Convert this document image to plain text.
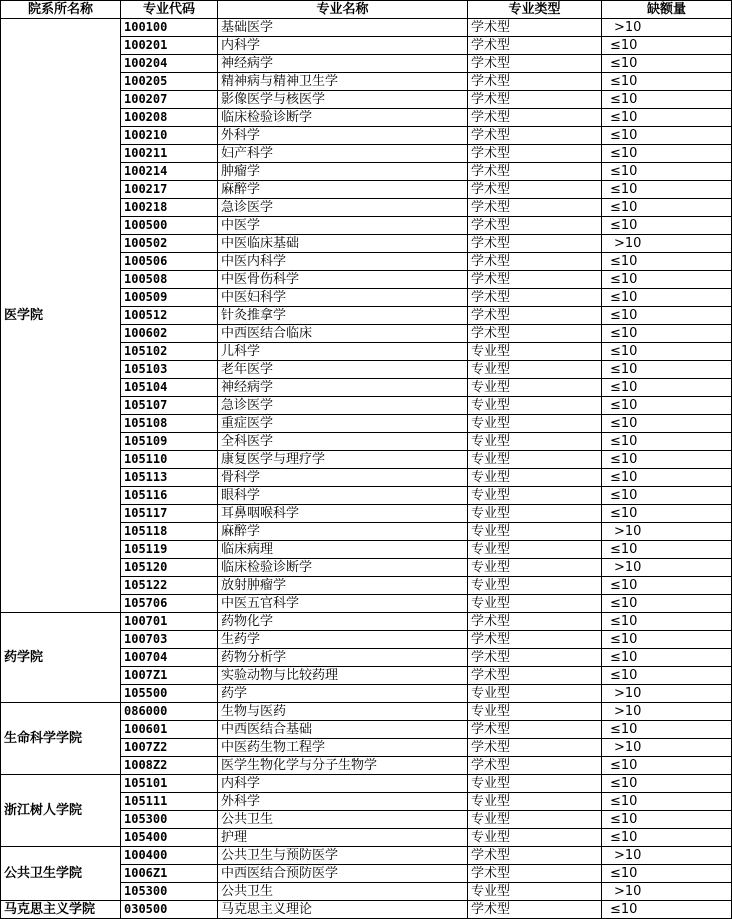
院系所名称	专业代码	专业名称	专业类型	缺额量
医学院	100100	基础医学	学术型	>10
	100201	内科学	学术型	≤10
	100204	神经病学	学术型	≤10
	100205	精神病与精神卫生学	学术型	≤10
	100207	影像医学与核医学	学术型	≤10
	100208	临床检验诊断学	学术型	≤10
	100210	外科学	学术型	≤10
	100211	妇产科学	学术型	≤10
	100214	肿瘤学	学术型	≤10
	100217	麻醉学	学术型	≤10
	100218	急诊医学	学术型	≤10
	100500	中医学	学术型	≤10
	100502	中医临床基础	学术型	>10
	100506	中医内科学	学术型	≤10
	100508	中医骨伤科学	学术型	≤10
	100509	中医妇科学	学术型	≤10
	100512	针灸推拿学	学术型	≤10
	100602	中西医结合临床	学术型	≤10
	105102	儿科学	专业型	≤10
	105103	老年医学	专业型	≤10
	105104	神经病学	专业型	≤10
	105107	急诊医学	专业型	≤10
	105108	重症医学	专业型	≤10
	105109	全科医学	专业型	≤10
	105110	康复医学与理疗学	专业型	≤10
	105113	骨科学	专业型	≤10
	105116	眼科学	专业型	≤10
	105117	耳鼻咽喉科学	专业型	≤10
	105118	麻醉学	专业型	>10
	105119	临床病理	专业型	≤10
	105120	临床检验诊断学	专业型	>10
	105122	放射肿瘤学	专业型	≤10
	105706	中医五官科学	专业型	≤10
药学院	100701	药物化学	学术型	≤10
	100703	生药学	学术型	≤10
	100704	药物分析学	学术型	≤10
	1007Z1	实验动物与比较药理	学术型	≤10
	105500	药学	专业型	>10
生命科学学院	086000	生物与医药	专业型	>10
	100601	中西医结合基础	学术型	≤10
	1007Z2	中医药生物工程学	学术型	>10
	1008Z2	医学生物化学与分子生物学	学术型	≤10
浙江树人学院	105101	内科学	专业型	≤10
	105111	外科学	专业型	≤10
	105300	公共卫生	专业型	≤10
	105400	护理	专业型	≤10
公共卫生学院	100400	公共卫生与预防医学	学术型	>10
	1006Z1	中西医结合预防医学	学术型	≤10
	105300	公共卫生	专业型	>10
马克思主义学院	030500	马克思主义理论	学术型	≤10
